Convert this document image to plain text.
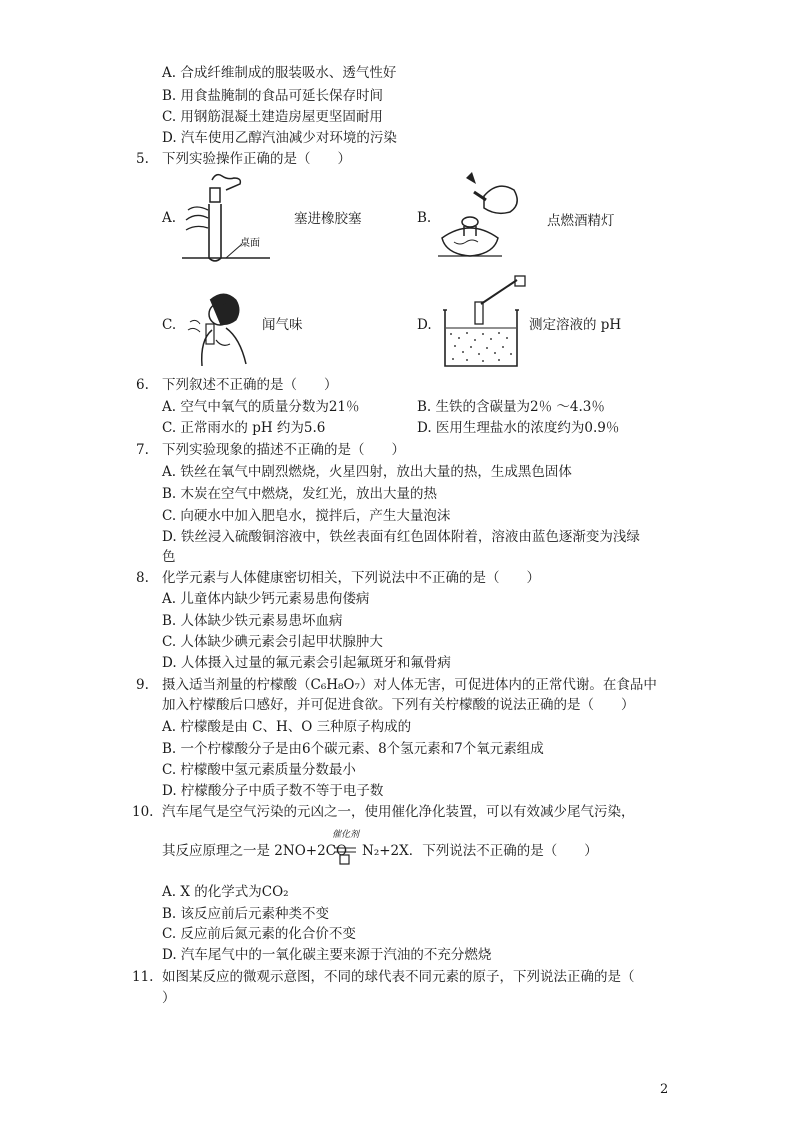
A. 合成纤维制成的服装吸水、透气性好
B. 用食盐腌制的食品可延长保存时间
C. 用钢筋混凝土建造房屋更坚固耐用
D. 汽车使用乙醇汽油减少对环境的污染
5. 下列实验操作正确的是（　　）
A.
桌面
塞进橡胶塞	B.	点燃酒精灯
C.	闻气味	D.	测定溶液的 pH
6. 下列叙述不正确的是（　　）
A. 空气中氧气的质量分数为21％	B. 生铁的含碳量为2％ ～4.3％
C. 正常雨水的 pH 约为5.6	D. 医用生理盐水的浓度约为0.9％
7. 下列实验现象的描述不正确的是（　　）
A. 铁丝在氧气中剧烈燃烧，火星四射，放出大量的热，生成黑色固体
B. 木炭在空气中燃烧，发红光，放出大量的热
C. 向硬水中加入肥皂水，搅拌后，产生大量泡沫
D. 铁丝浸入硫酸铜溶液中，铁丝表面有红色固体附着，溶液由蓝色逐渐变为浅绿
色
8. 化学元素与人体健康密切相关，下列说法中不正确的是（　　）
A. 儿童体内缺少钙元素易患佝偻病
B. 人体缺少铁元素易患坏血病
C. 人体缺少碘元素会引起甲状腺肿大
D. 人体摄入过量的氟元素会引起氟斑牙和氟骨病
9. 摄入适当剂量的柠檬酸（C₆H₈O₇）对人体无害，可促进体内的正常代谢。在食品中
加入柠檬酸后口感好，并可促进食欲。下列有关柠檬酸的说法正确的是（　　）
A. 柠檬酸是由 C、H、O 三种原子构成的
B. 一个柠檬酸分子是由6个碳元素、8个氢元素和7个氧元素组成
C. 柠檬酸中氢元素质量分数最小
D. 柠檬酸分子中质子数不等于电子数
10. 汽车尾气是空气污染的元凶之一，使用催化净化装置，可以有效减少尾气污染，
催化剂
其反应原理之一是 2NO+2CO ⇌ N₂+2X．下列说法不正确的是（　　）
A. X 的化学式为CO₂
B. 该反应前后元素种类不变
C. 反应前后氮元素的化合价不变
D. 汽车尾气中的一氧化碳主要来源于汽油的不充分燃烧
11. 如图某反应的微观示意图，不同的球代表不同元素的原子，下列说法正确的是（
）
2
